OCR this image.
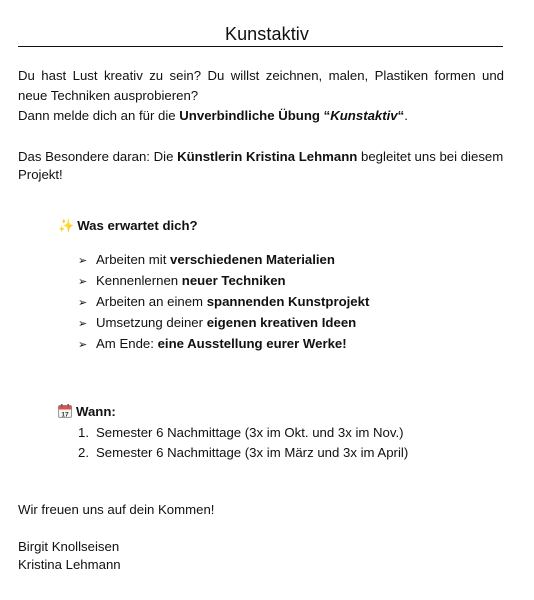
Kunstaktiv
Du hast Lust kreativ zu sein? Du willst zeichnen, malen, Plastiken formen und
neue Techniken ausprobieren?
Dann melde dich an für die Unverbindliche Übung “Kunstaktiv“.
Das Besondere daran: Die Künstlerin Kristina Lehmann begleitet uns bei diesem
Projekt!
✨ Was erwartet dich?
➢ Arbeiten mit verschiedenen Materialien
➢ Kennenlernen neuer Techniken
➢ Arbeiten an einem spannenden Kunstprojekt
➢ Umsetzung deiner eigenen kreativen Ideen
➢ Am Ende: eine Ausstellung eurer Werke!
17 Wann:
1. Semester 6 Nachmittage (3x im Okt. und 3x im Nov.)
2. Semester 6 Nachmittage (3x im März und 3x im April)
Wir freuen uns auf dein Kommen!
Birgit Knollseisen
Kristina Lehmann
